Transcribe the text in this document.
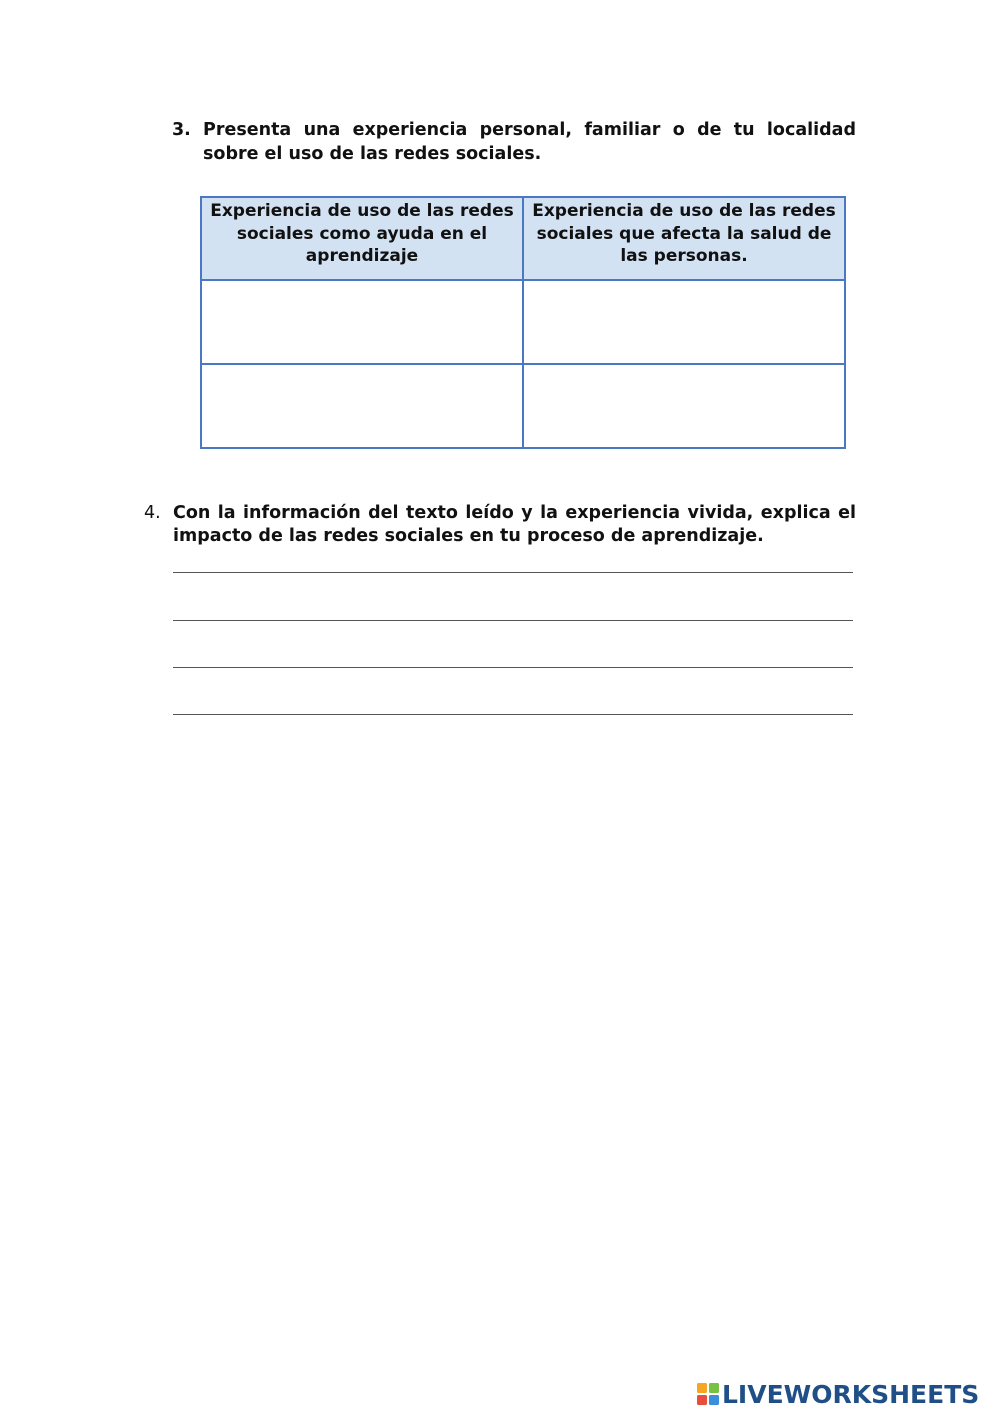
3. Presenta una experiencia personal, familiar o de tu localidad sobre el uso de las redes sociales.
Experiencia de uso de las redes sociales como ayuda en el aprendizaje	Experiencia de uso de las redes sociales que afecta la salud de las personas.

4. Con la información del texto leído y la experiencia vivida, explica el impacto de las redes sociales en tu proceso de aprendizaje.
LIVEWORKSHEETS
